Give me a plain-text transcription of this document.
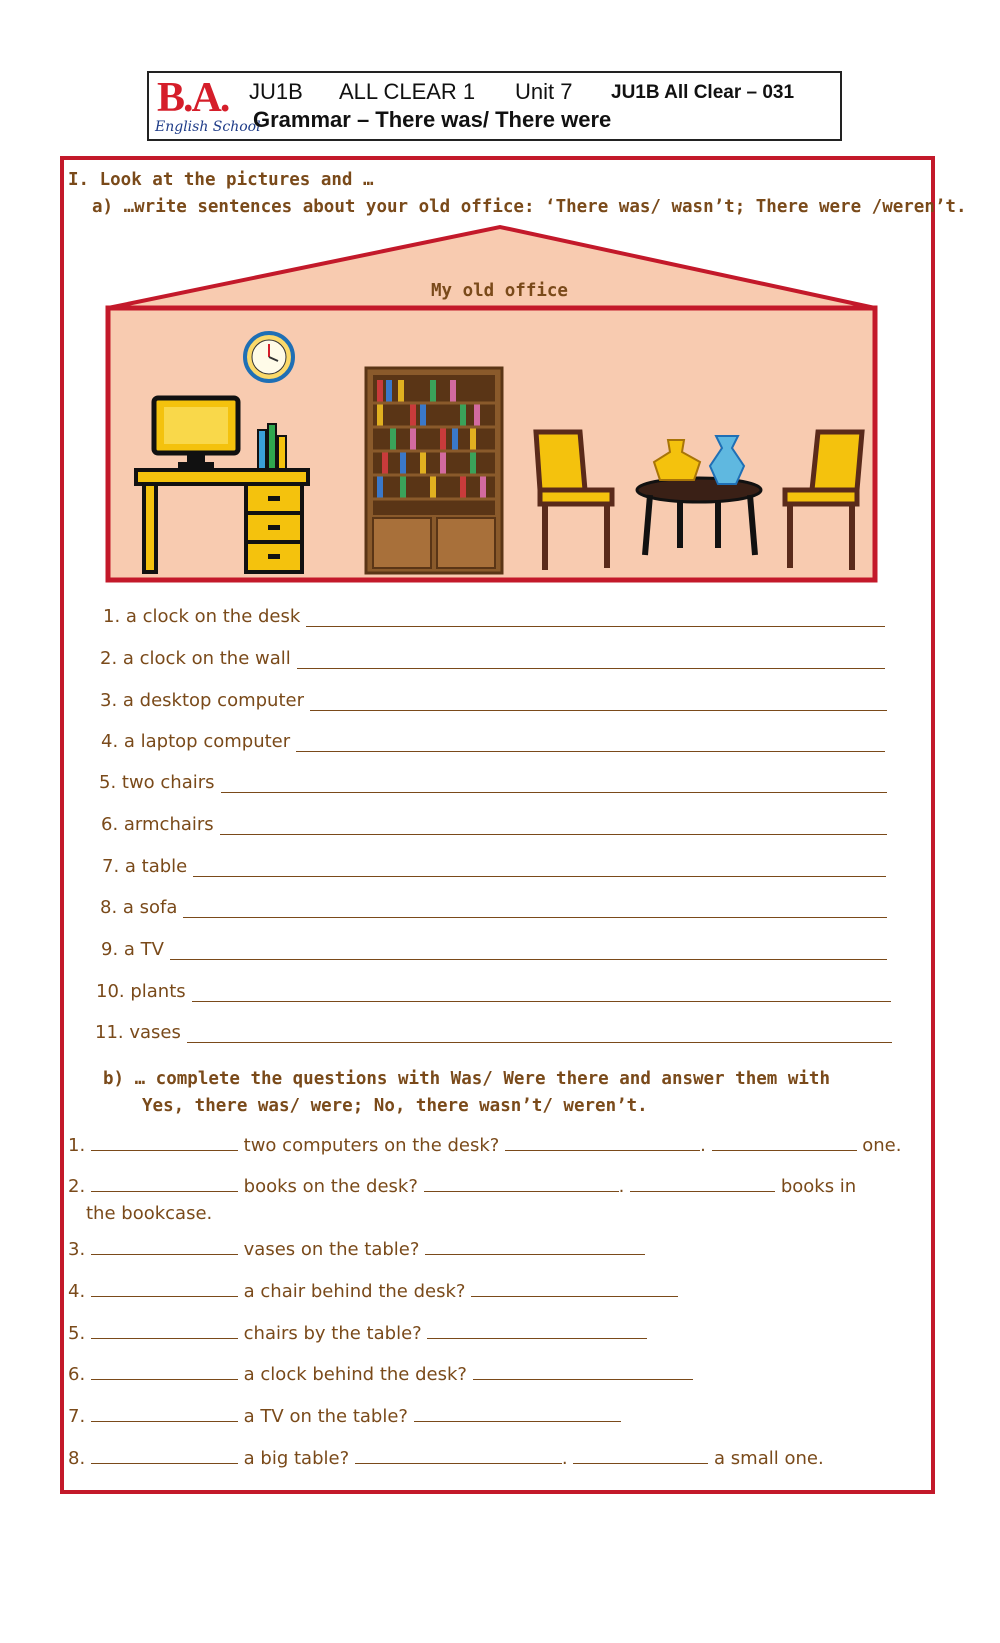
B.A.
English School
JU1B ALL CLEAR 1 Unit 7 JU1B All Clear – 031
Grammar – There was/ There were
I. Look at the pictures and …
a) …write sentences about your old office: ‘There was/ wasn’t; There were /weren’t.
My old office
1. a clock on the desk
2. a clock on the wall
3. a desktop computer
4. a laptop computer
5. two chairs
6. armchairs
7. a table
8. a sofa
9. a TV
10. plants
11. vases
b) … complete the questions with Was/ Were there and answer them with
Yes, there was/ were; No, there wasn’t/ weren’t.
1.	two computers on the desk?	.	one.
2.	books on the desk?	.	books in
the bookcase.
3.	vases on the table?
4.	a chair behind the desk?
5.	chairs by the table?
6.	a clock behind the desk?
7.	a TV on the table?
8.	a big table?	.	a small one.
